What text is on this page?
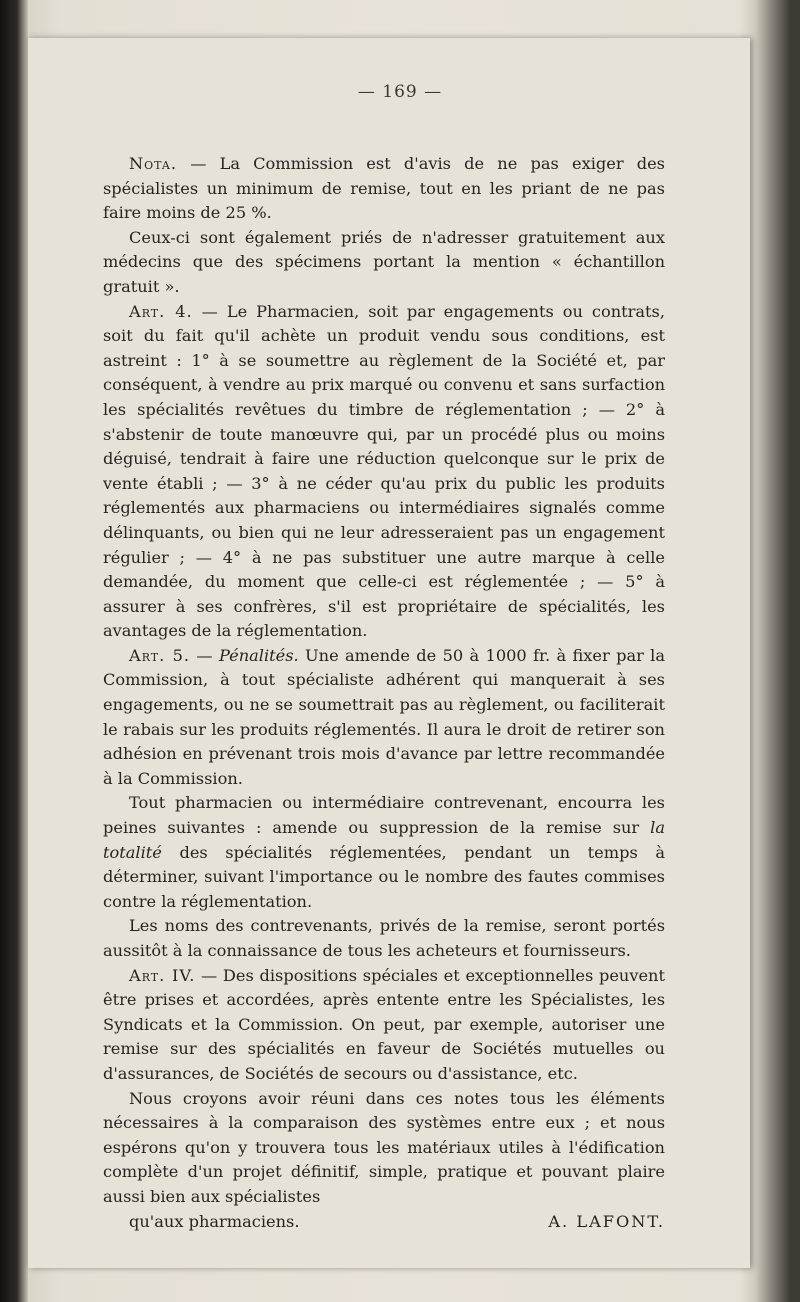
— 169 —

Nota. — La Commission est d'avis de ne pas exiger des spécialistes un minimum de remise, tout en les priant de ne pas faire moins de 25 %.

Ceux-ci sont également priés de n'adresser gratuitement aux médecins que des spécimens portant la mention « échantillon gratuit ».

Art. 4. — Le Pharmacien, soit par engagements ou contrats, soit du fait qu'il achète un produit vendu sous conditions, est astreint : 1° à se soumettre au règlement de la Société et, par conséquent, à vendre au prix marqué ou convenu et sans surfaction les spécialités revêtues du timbre de réglementation ; — 2° à s'abstenir de toute manœuvre qui, par un procédé plus ou moins déguisé, tendrait à faire une réduction quelconque sur le prix de vente établi ; — 3° à ne céder qu'au prix du public les produits réglementés aux pharmaciens ou intermédiaires signalés comme délinquants, ou bien qui ne leur adresseraient pas un engagement régulier ; — 4° à ne pas substituer une autre marque à celle demandée, du moment que celle-ci est réglementée ; — 5° à assurer à ses confrères, s'il est propriétaire de spécialités, les avantages de la réglementation.

Art. 5. — Pénalités. Une amende de 50 à 1000 fr. à fixer par la Commission, à tout spécialiste adhérent qui manquerait à ses engagements, ou ne se soumettrait pas au règlement, ou faciliterait le rabais sur les produits réglementés. Il aura le droit de retirer son adhésion en prévenant trois mois d'avance par lettre recommandée à la Commission.

Tout pharmacien ou intermédiaire contrevenant, encourra les peines suivantes : amende ou suppression de la remise sur la totalité des spécialités réglementées, pendant un temps à déterminer, suivant l'importance ou le nombre des fautes commises contre la réglementation.

Les noms des contrevenants, privés de la remise, seront portés aussitôt à la connaissance de tous les acheteurs et fournisseurs.

Art. IV. — Des dispositions spéciales et exceptionnelles peuvent être prises et accordées, après entente entre les Spécialistes, les Syndicats et la Commission. On peut, par exemple, autoriser une remise sur des spécialités en faveur de Sociétés mutuelles ou d'assurances, de Sociétés de secours ou d'assistance, etc.

Nous croyons avoir réuni dans ces notes tous les éléments nécessaires à la comparaison des systèmes entre eux ; et nous espérons qu'on y trouvera tous les matériaux utiles à l'édification complète d'un projet définitif, simple, pratique et pouvant plaire aussi bien aux spécialistes

qu'aux pharmaciens.	A. LAFONT.
